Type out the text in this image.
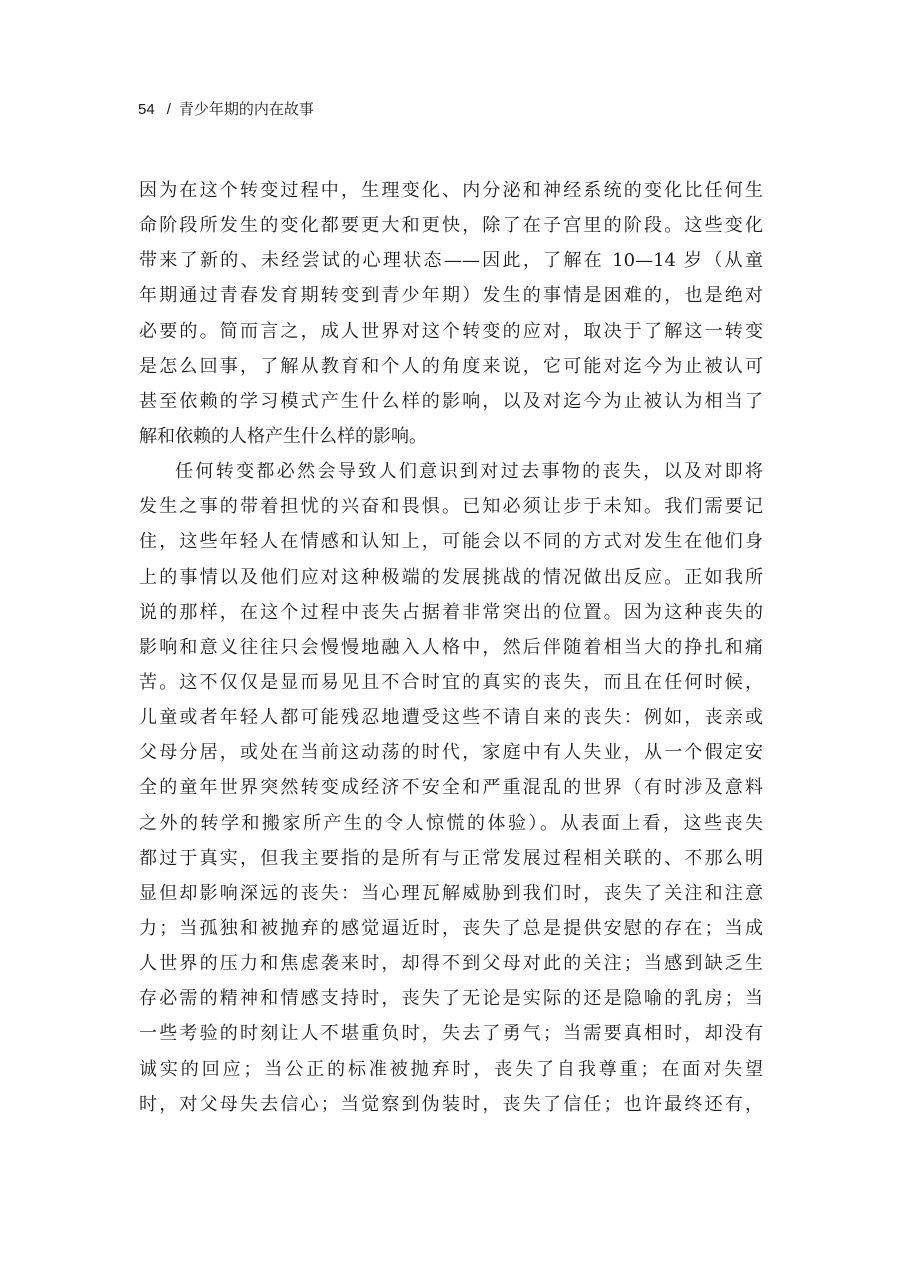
54 / 青少年期的内在故事
因为在这个转变过程中，生理变化、内分泌和神经系统的变化比任何生
命阶段所发生的变化都要更大和更快，除了在子宫里的阶段。这些变化
带来了新的、未经尝试的心理状态——因此，了解在 10—14 岁（从童
年期通过青春发育期转变到青少年期）发生的事情是困难的，也是绝对
必要的。简而言之，成人世界对这个转变的应对，取决于了解这一转变
是怎么回事，了解从教育和个人的角度来说，它可能对迄今为止被认可
甚至依赖的学习模式产生什么样的影响，以及对迄今为止被认为相当了
解和依赖的人格产生什么样的影响。
任何转变都必然会导致人们意识到对过去事物的丧失，以及对即将
发生之事的带着担忧的兴奋和畏惧。已知必须让步于未知。我们需要记
住，这些年轻人在情感和认知上，可能会以不同的方式对发生在他们身
上的事情以及他们应对这种极端的发展挑战的情况做出反应。正如我所
说的那样，在这个过程中丧失占据着非常突出的位置。因为这种丧失的
影响和意义往往只会慢慢地融入人格中，然后伴随着相当大的挣扎和痛
苦。这不仅仅是显而易见且不合时宜的真实的丧失，而且在任何时候，
儿童或者年轻人都可能残忍地遭受这些不请自来的丧失：例如，丧亲或
父母分居，或处在当前这动荡的时代，家庭中有人失业，从一个假定安
全的童年世界突然转变成经济不安全和严重混乱的世界（有时涉及意料
之外的转学和搬家所产生的令人惊慌的体验）。从表面上看，这些丧失
都过于真实，但我主要指的是所有与正常发展过程相关联的、不那么明
显但却影响深远的丧失：当心理瓦解威胁到我们时，丧失了关注和注意
力；当孤独和被抛弃的感觉逼近时，丧失了总是提供安慰的存在；当成
人世界的压力和焦虑袭来时，却得不到父母对此的关注；当感到缺乏生
存必需的精神和情感支持时，丧失了无论是实际的还是隐喻的乳房；当
一些考验的时刻让人不堪重负时，失去了勇气；当需要真相时，却没有
诚实的回应；当公正的标准被抛弃时，丧失了自我尊重；在面对失望
时，对父母失去信心；当觉察到伪装时，丧失了信任；也许最终还有，
